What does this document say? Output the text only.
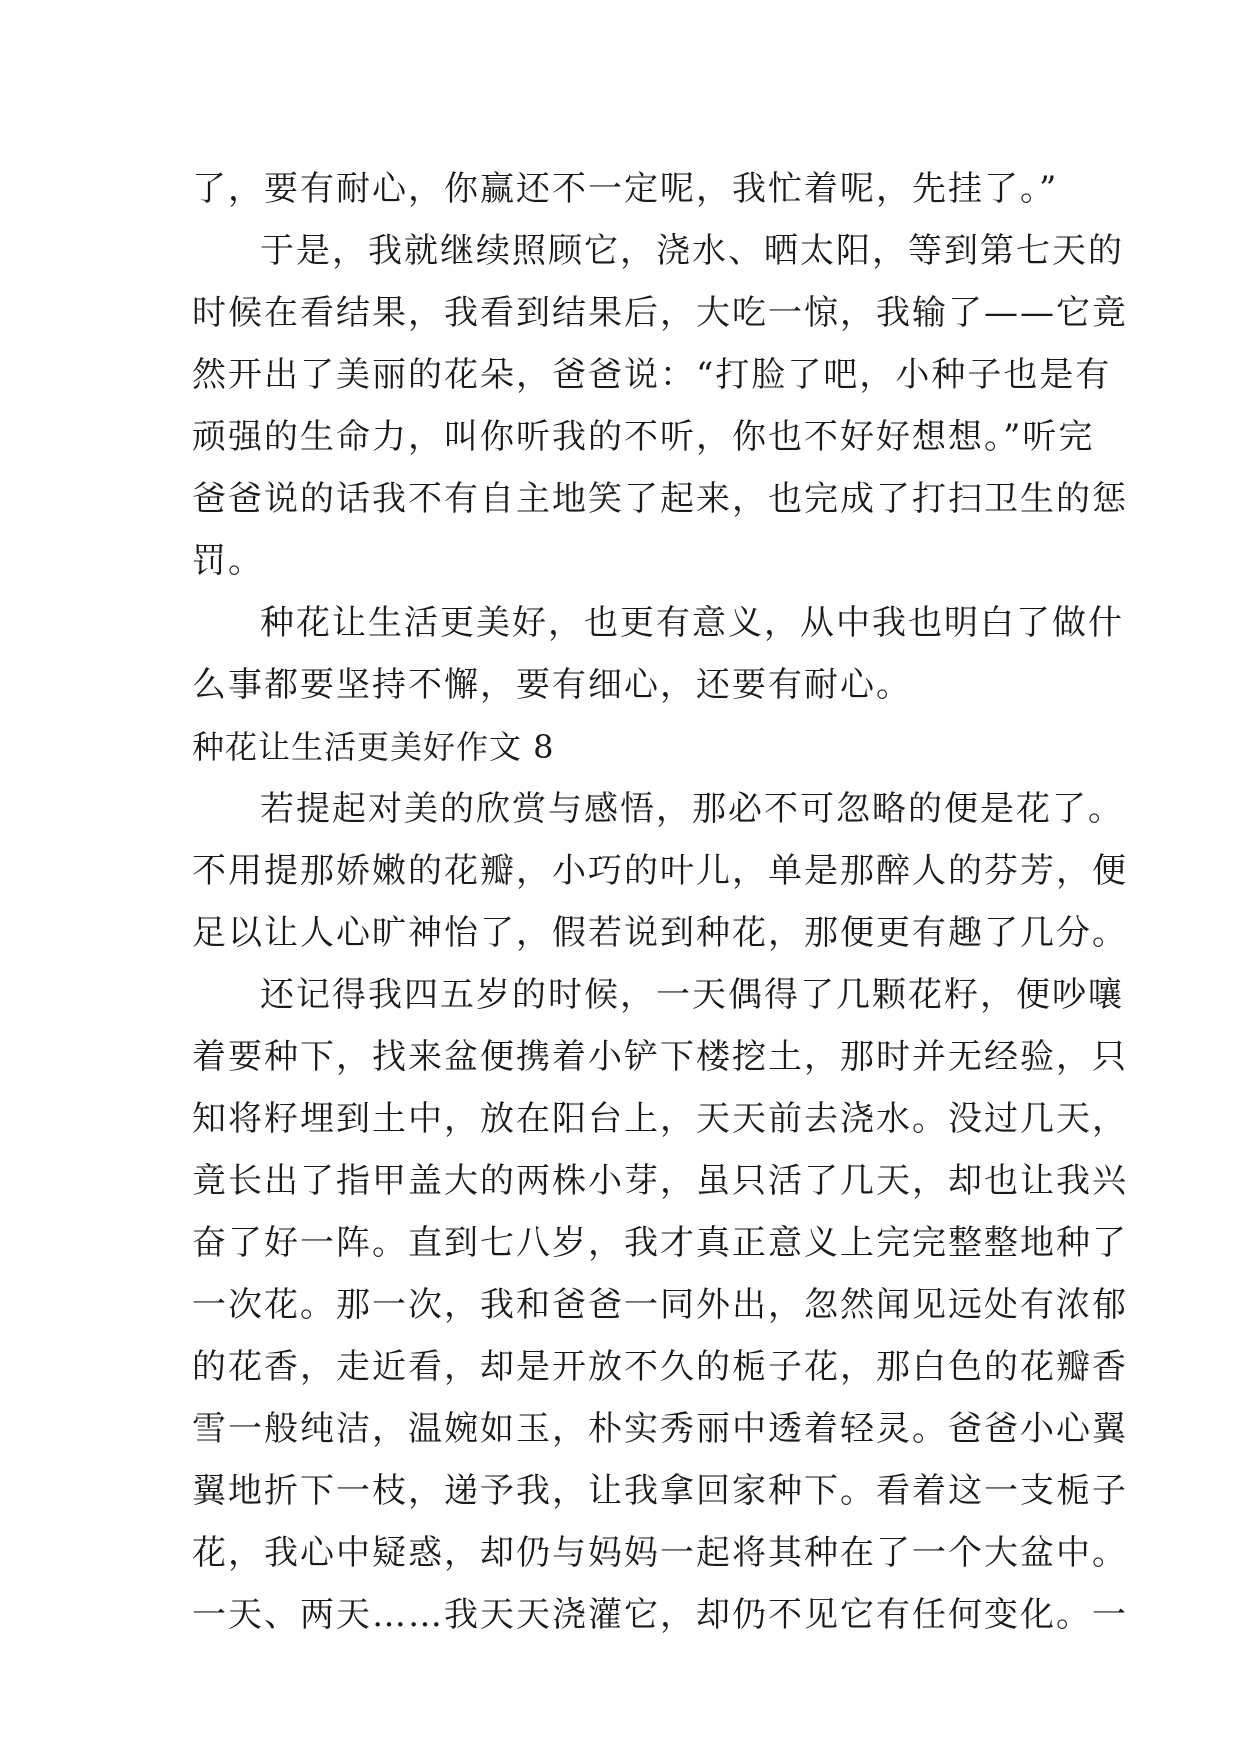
了，要有耐心，你赢还不一定呢，我忙着呢，先挂了。”
于是，我就继续照顾它，浇水、晒太阳，等到第七天的
时候在看结果，我看到结果后，大吃一惊，我输了——它竟
然开出了美丽的花朵，爸爸说：“打脸了吧，小种子也是有
顽强的生命力，叫你听我的不听，你也不好好想想。”听完
爸爸说的话我不有自主地笑了起来，也完成了打扫卫生的惩
罚。
种花让生活更美好，也更有意义，从中我也明白了做什
么事都要坚持不懈，要有细心，还要有耐心。
种花让生活更美好作文 8
若提起对美的欣赏与感悟，那必不可忽略的便是花了。
不用提那娇嫩的花瓣，小巧的叶儿，单是那醉人的芬芳，便
足以让人心旷神怡了，假若说到种花，那便更有趣了几分。
还记得我四五岁的时候，一天偶得了几颗花籽，便吵嚷
着要种下，找来盆便携着小铲下楼挖土，那时并无经验，只
知将籽埋到土中，放在阳台上，天天前去浇水。没过几天，
竟长出了指甲盖大的两株小芽，虽只活了几天，却也让我兴
奋了好一阵。直到七八岁，我才真正意义上完完整整地种了
一次花。那一次，我和爸爸一同外出，忽然闻见远处有浓郁
的花香，走近看，却是开放不久的栀子花，那白色的花瓣香
雪一般纯洁，温婉如玉，朴实秀丽中透着轻灵。爸爸小心翼
翼地折下一枝，递予我，让我拿回家种下。看着这一支栀子
花，我心中疑惑，却仍与妈妈一起将其种在了一个大盆中。
一天、两天……我天天浇灌它，却仍不见它有任何变化。一
